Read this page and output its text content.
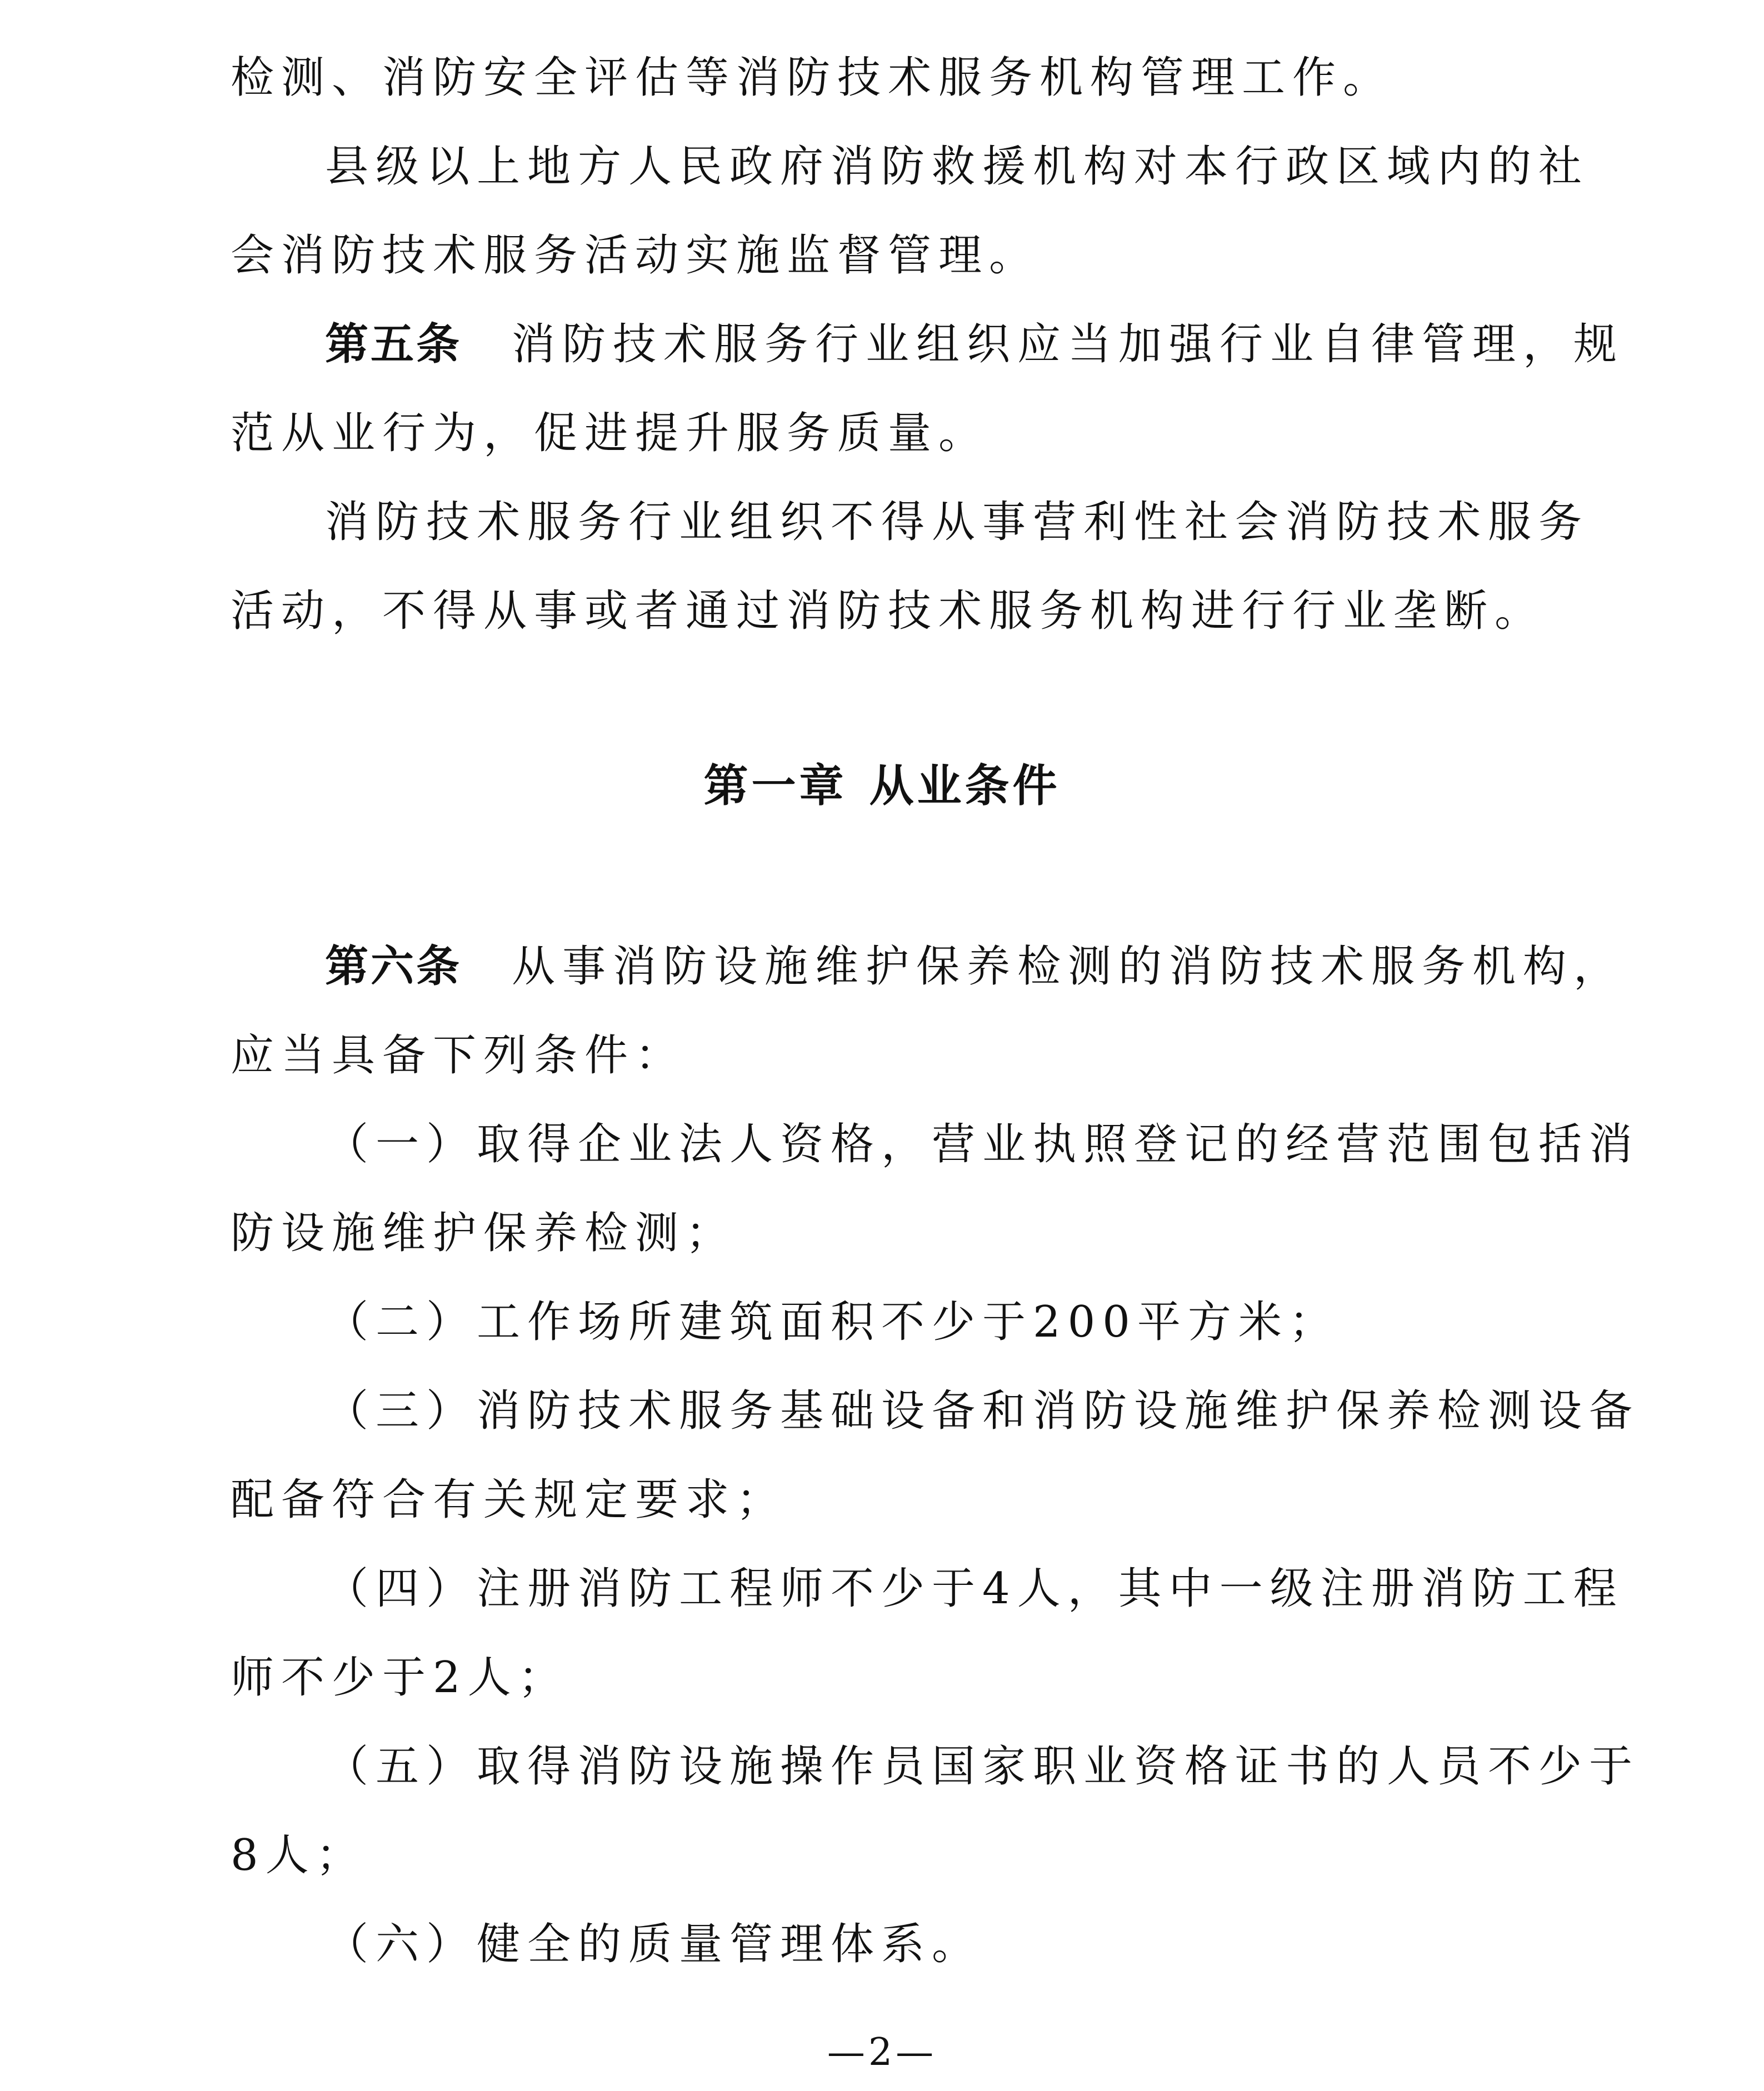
检测、消防安全评估等消防技术服务机构管理工作。
县级以上地方人民政府消防救援机构对本行政区域内的社
会消防技术服务活动实施监督管理。
第五条 消防技术服务行业组织应当加强行业自律管理，规
范从业行为，促进提升服务质量。
消防技术服务行业组织不得从事营利性社会消防技术服务
活动，不得从事或者通过消防技术服务机构进行行业垄断。
第一章 从业条件
第六条 从事消防设施维护保养检测的消防技术服务机构，
应当具备下列条件：
（一）取得企业法人资格，营业执照登记的经营范围包括消
防设施维护保养检测；
（二）工作场所建筑面积不少于200平方米；
（三）消防技术服务基础设备和消防设施维护保养检测设备
配备符合有关规定要求；
（四）注册消防工程师不少于4人，其中一级注册消防工程
师不少于2人；
（五）取得消防设施操作员国家职业资格证书的人员不少于
8人；
（六）健全的质量管理体系。
—2—
